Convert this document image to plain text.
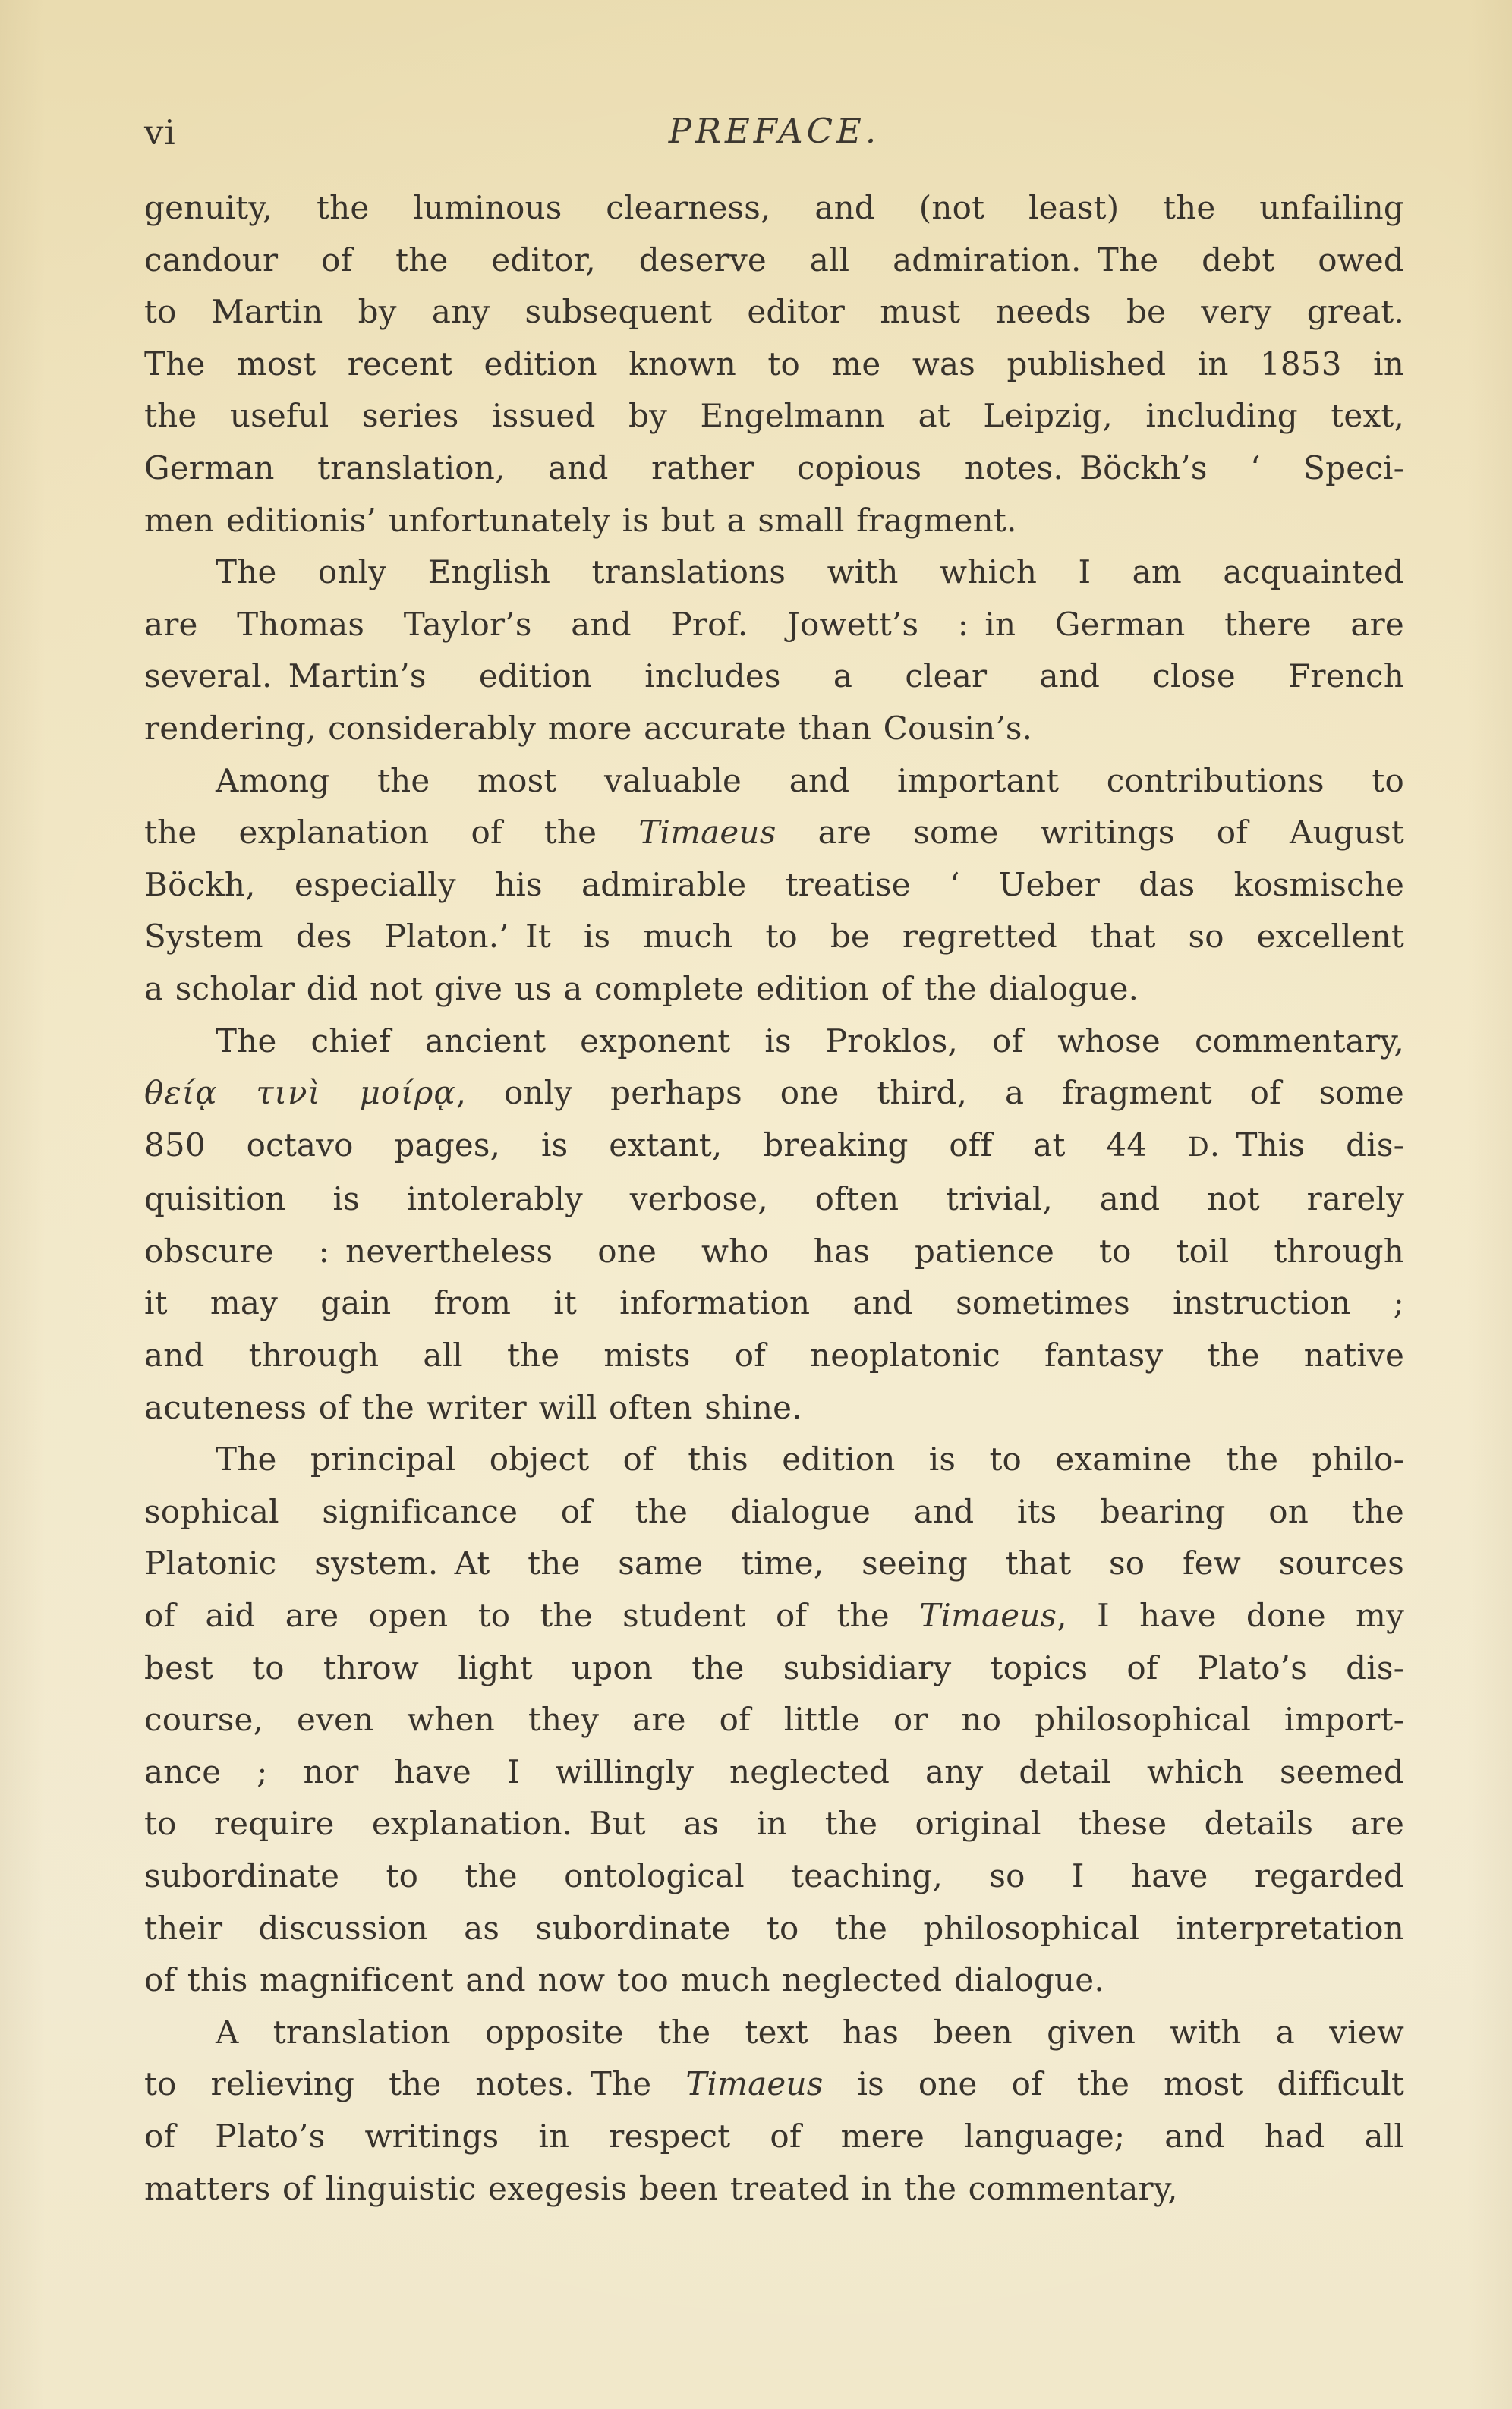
vi	PREFACE.
genuity, the luminous clearness, and (not least) the unfailing
candour of the editor, deserve all admiration. The debt owed
to Martin by any subsequent editor must needs be very great.
The most recent edition known to me was published in 1853 in
the useful series issued by Engelmann at Leipzig, including text,
German translation, and rather copious notes. Böckh’s ‘ Speci-
men editionis’ unfortunately is but a small fragment.
The only English translations with which I am acquainted
are Thomas Taylor’s and Prof. Jowett’s : in German there are
several. Martin’s edition includes a clear and close French
rendering, considerably more accurate than Cousin’s.
Among the most valuable and important contributions to
the explanation of the Timaeus are some writings of August
Böckh, especially his admirable treatise ‘ Ueber das kosmische
System des Platon.’ It is much to be regretted that so excellent
a scholar did not give us a complete edition of the dialogue.
The chief ancient exponent is Proklos, of whose commentary,
θείᾳ τινὶ μοίρᾳ, only perhaps one third, a fragment of some
850 octavo pages, is extant, breaking off at 44 D. This dis-
quisition is intolerably verbose, often trivial, and not rarely
obscure : nevertheless one who has patience to toil through
it may gain from it information and sometimes instruction ;
and through all the mists of neoplatonic fantasy the native
acuteness of the writer will often shine.
The principal object of this edition is to examine the philo-
sophical significance of the dialogue and its bearing on the
Platonic system. At the same time, seeing that so few sources
of aid are open to the student of the Timaeus, I have done my
best to throw light upon the subsidiary topics of Plato’s dis-
course, even when they are of little or no philosophical import-
ance ; nor have I willingly neglected any detail which seemed
to require explanation. But as in the original these details are
subordinate to the ontological teaching, so I have regarded
their discussion as subordinate to the philosophical interpretation
of this magnificent and now too much neglected dialogue.
A translation opposite the text has been given with a view
to relieving the notes. The Timaeus is one of the most difficult
of Plato’s writings in respect of mere language; and had all
matters of linguistic exegesis been treated in the commentary,
